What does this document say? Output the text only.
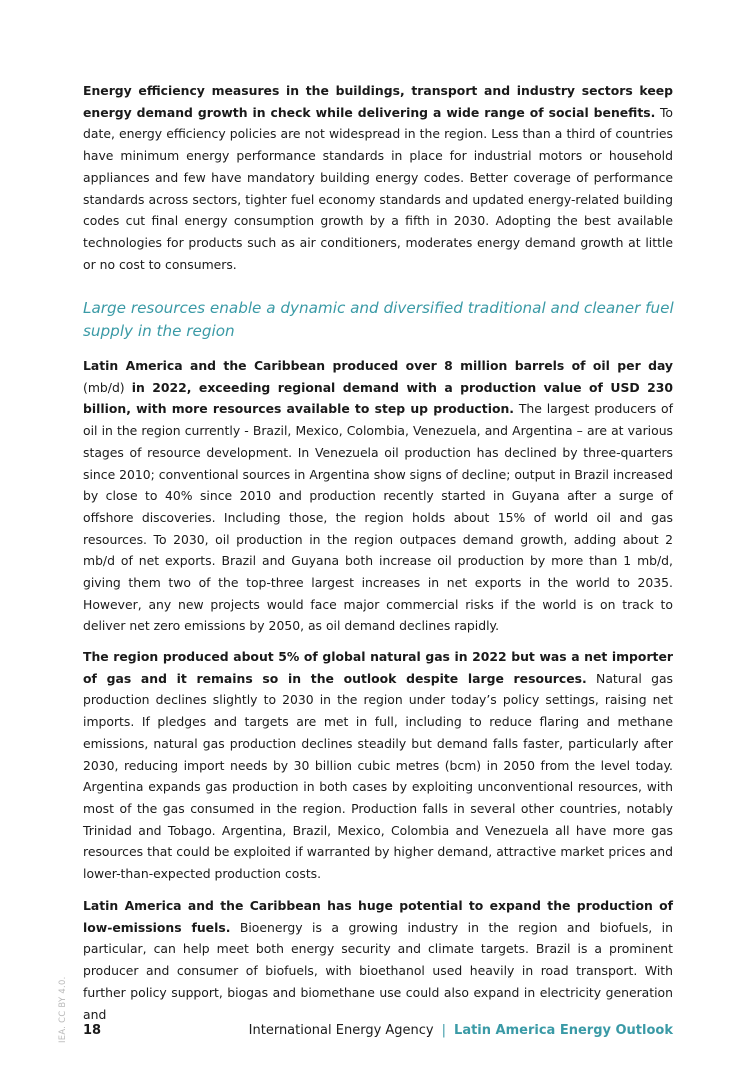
Energy efficiency measures in the buildings, transport and industry sectors keep energy demand growth in check while delivering a wide range of social benefits. To date, energy efficiency policies are not widespread in the region. Less than a third of countries have minimum energy performance standards in place for industrial motors or household appliances and few have mandatory building energy codes. Better coverage of performance standards across sectors, tighter fuel economy standards and updated energy-related building codes cut final energy consumption growth by a fifth in 2030. Adopting the best available technologies for products such as air conditioners, moderates energy demand growth at little or no cost to consumers.

Large resources enable a dynamic and diversified traditional and cleaner fuel supply in the region

Latin America and the Caribbean produced over 8 million barrels of oil per day (mb/d) in 2022, exceeding regional demand with a production value of USD 230 billion, with more resources available to step up production. The largest producers of oil in the region currently - Brazil, Mexico, Colombia, Venezuela, and Argentina – are at various stages of resource development. In Venezuela oil production has declined by three-quarters since 2010; conventional sources in Argentina show signs of decline; output in Brazil increased by close to 40% since 2010 and production recently started in Guyana after a surge of offshore discoveries. Including those, the region holds about 15% of world oil and gas resources. To 2030, oil production in the region outpaces demand growth, adding about 2 mb/d of net exports. Brazil and Guyana both increase oil production by more than 1 mb/d, giving them two of the top-three largest increases in net exports in the world to 2035. However, any new projects would face major commercial risks if the world is on track to deliver net zero emissions by 2050, as oil demand declines rapidly.

The region produced about 5% of global natural gas in 2022 but was a net importer of gas and it remains so in the outlook despite large resources. Natural gas production declines slightly to 2030 in the region under today’s policy settings, raising net imports. If pledges and targets are met in full, including to reduce flaring and methane emissions, natural gas production declines steadily but demand falls faster, particularly after 2030, reducing import needs by 30 billion cubic metres (bcm) in 2050 from the level today. Argentina expands gas production in both cases by exploiting unconventional resources, with most of the gas consumed in the region. Production falls in several other countries, notably Trinidad and Tobago. Argentina, Brazil, Mexico, Colombia and Venezuela all have more gas resources that could be exploited if warranted by higher demand, attractive market prices and lower-than-expected production costs.

Latin America and the Caribbean has huge potential to expand the production of low-emissions fuels. Bioenergy is a growing industry in the region and biofuels, in particular, can help meet both energy security and climate targets. Brazil is a prominent producer and consumer of biofuels, with bioethanol used heavily in road transport. With further policy support, biogas and biomethane use could also expand in electricity generation and

IEA. CC BY 4.0. 18	International Energy Agency | Latin America Energy Outlook
